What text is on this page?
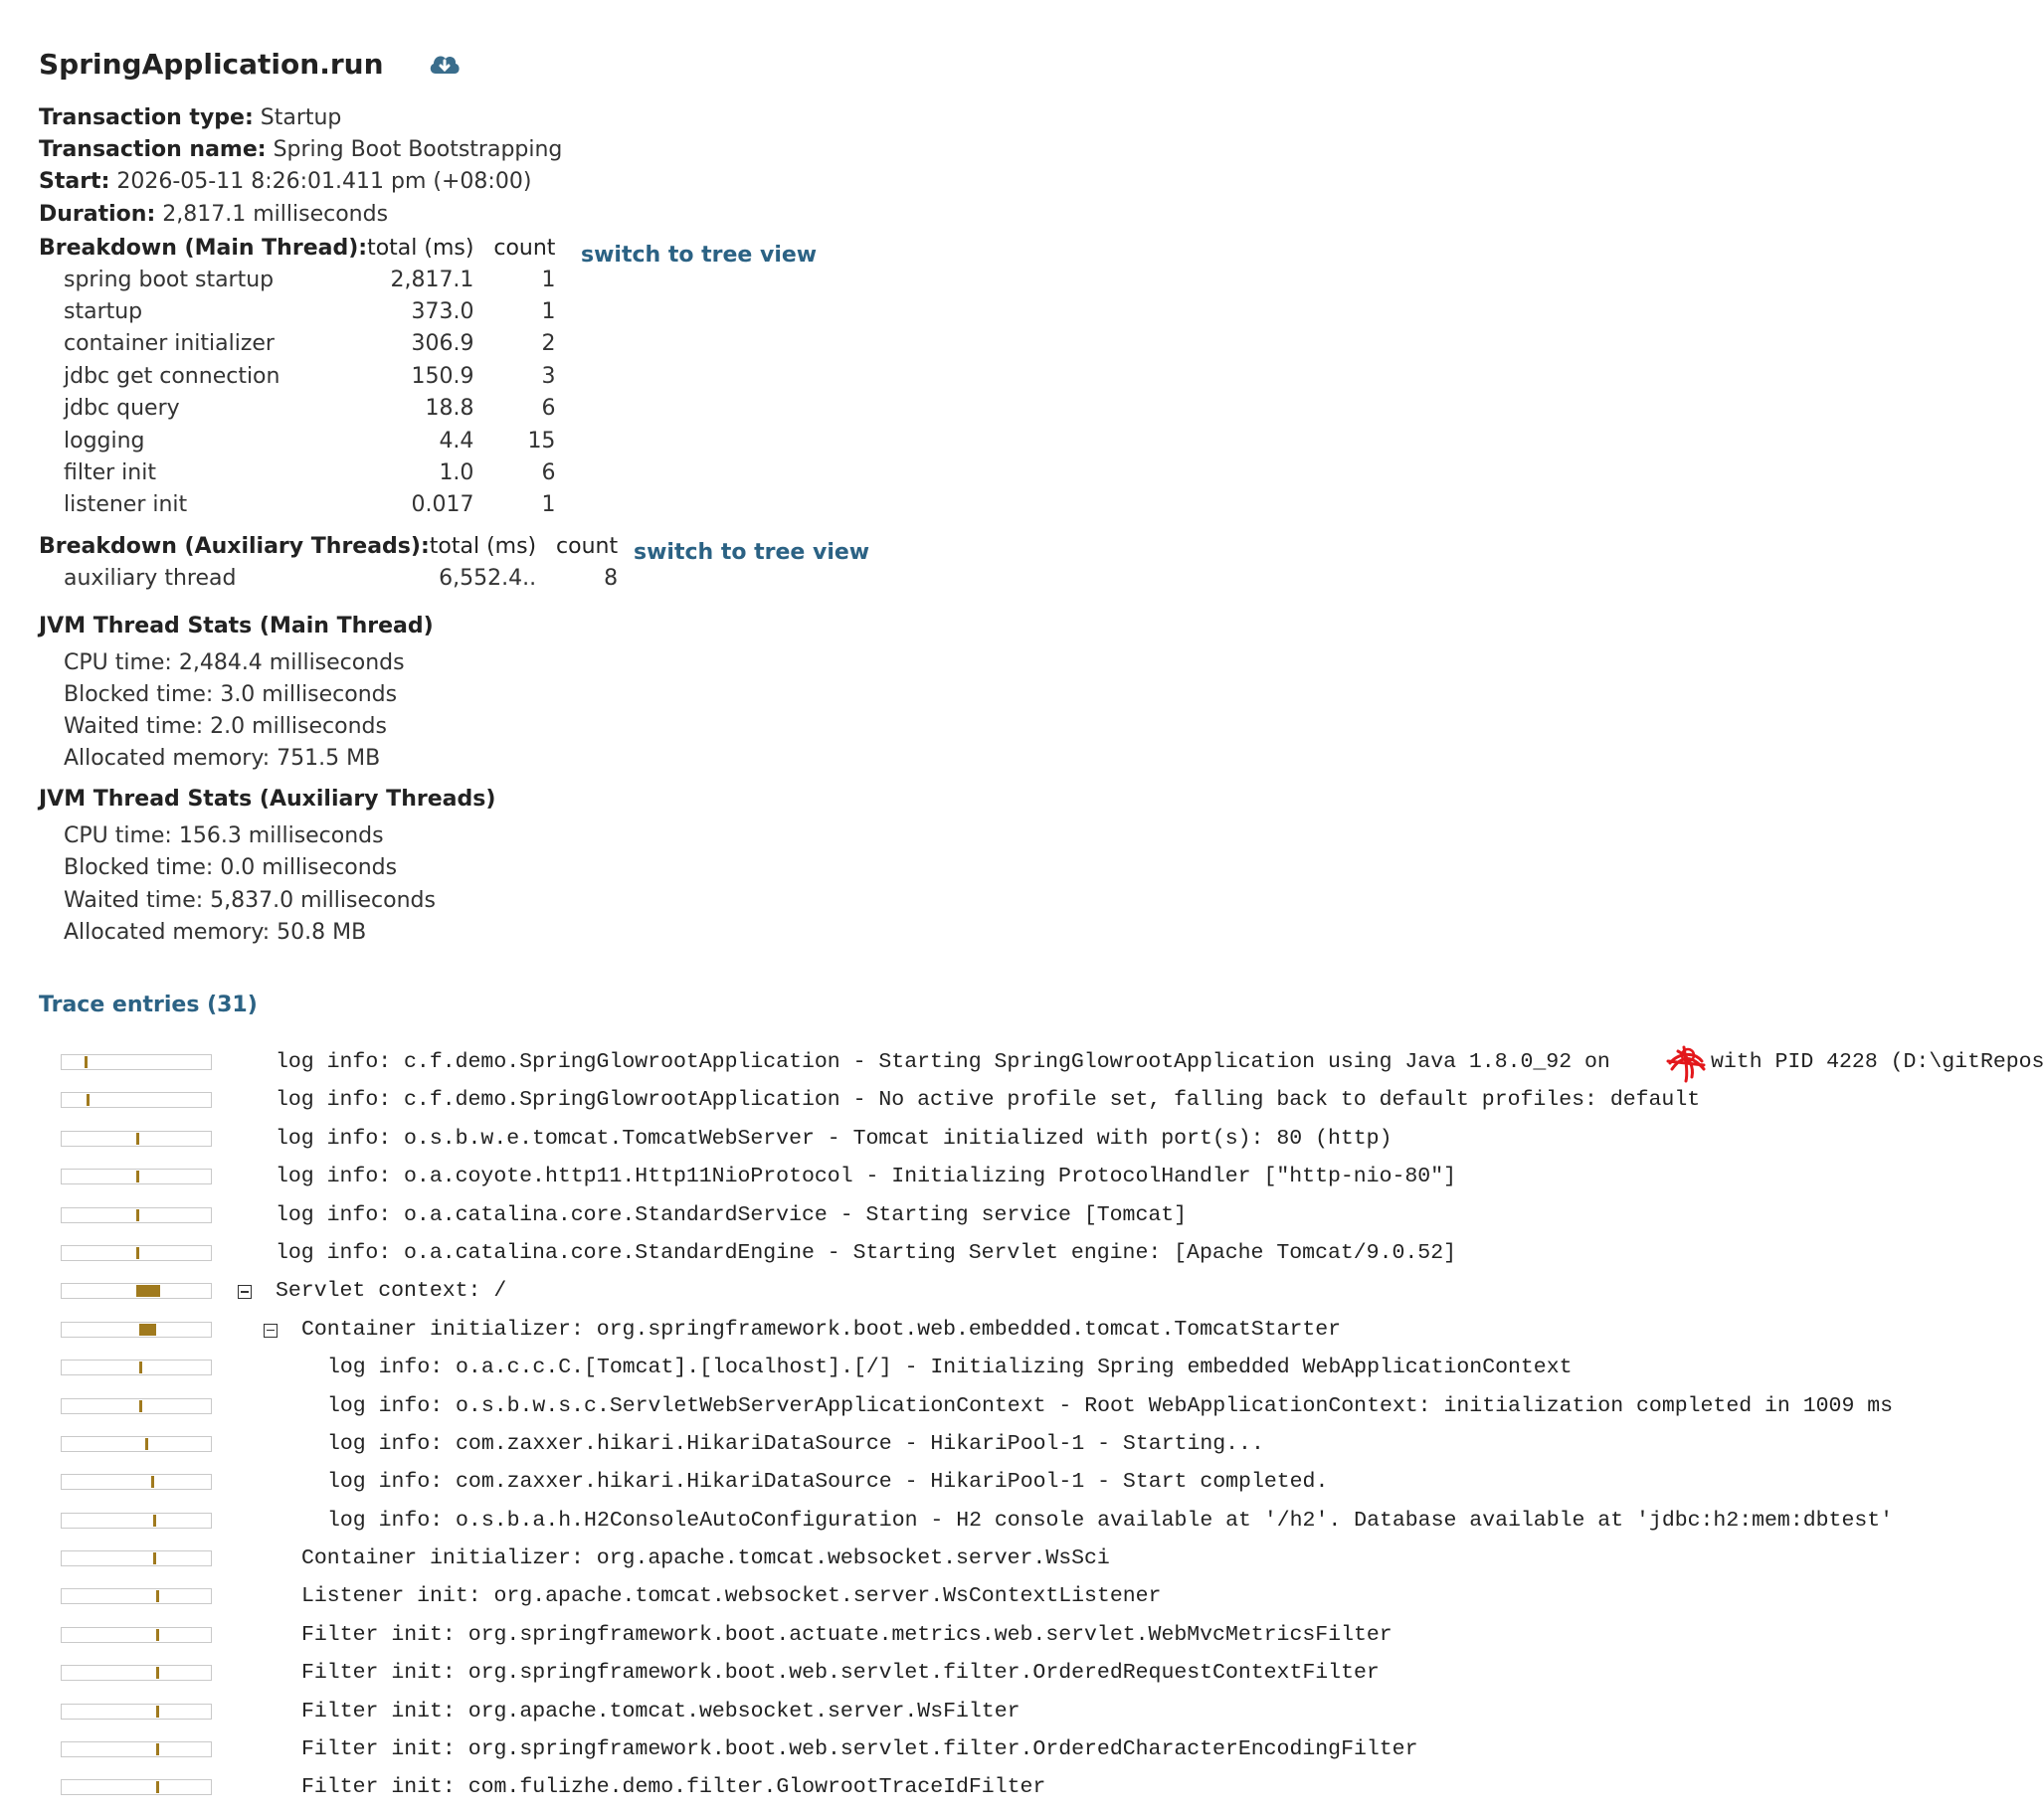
SpringApplication.run
Transaction type: Startup
Transaction name: Spring Boot Bootstrapping
Start: 2026-05-11 8:26:01.411 pm (+08:00)
Duration: 2,817.1 milliseconds
Breakdown (Main Thread):	total (ms)	count
spring boot startup	2,817.1	1
startup	373.0	1
container initializer	306.9	2
jdbc get connection	150.9	3
jdbc query	18.8	6
logging	4.4	15
filter init	1.0	6
listener init	0.017	1
switch to tree view
Breakdown (Auxiliary Threads):	total (ms)	count
auxiliary thread	6,552.4..	8
switch to tree view
JVM Thread Stats (Main Thread)
CPU time: 2,484.4 milliseconds
Blocked time: 3.0 milliseconds
Waited time: 2.0 milliseconds
Allocated memory: 751.5 MB
JVM Thread Stats (Auxiliary Threads)
CPU time: 156.3 milliseconds
Blocked time: 0.0 milliseconds
Waited time: 5,837.0 milliseconds
Allocated memory: 50.8 MB
Trace entries (31)
log info: c.f.demo.SpringGlowrootApplication - Starting SpringGlowrootApplication using Java 1.8.0_92 on	with PID 4228 (D:\gitRepos
log info: c.f.demo.SpringGlowrootApplication - No active profile set, falling back to default profiles: default
log info: o.s.b.w.e.tomcat.TomcatWebServer - Tomcat initialized with port(s): 80 (http)
log info: o.a.coyote.http11.Http11NioProtocol - Initializing ProtocolHandler ["http-nio-80"]
log info: o.a.catalina.core.StandardService - Starting service [Tomcat]
log info: o.a.catalina.core.StandardEngine - Starting Servlet engine: [Apache Tomcat/9.0.52]
Servlet context: /
Container initializer: org.springframework.boot.web.embedded.tomcat.TomcatStarter
log info: o.a.c.c.C.[Tomcat].[localhost].[/] - Initializing Spring embedded WebApplicationContext
log info: o.s.b.w.s.c.ServletWebServerApplicationContext - Root WebApplicationContext: initialization completed in 1009 ms
log info: com.zaxxer.hikari.HikariDataSource - HikariPool-1 - Starting...
log info: com.zaxxer.hikari.HikariDataSource - HikariPool-1 - Start completed.
log info: o.s.b.a.h.H2ConsoleAutoConfiguration - H2 console available at '/h2'. Database available at 'jdbc:h2:mem:dbtest'
Container initializer: org.apache.tomcat.websocket.server.WsSci
Listener init: org.apache.tomcat.websocket.server.WsContextListener
Filter init: org.springframework.boot.actuate.metrics.web.servlet.WebMvcMetricsFilter
Filter init: org.springframework.boot.web.servlet.filter.OrderedRequestContextFilter
Filter init: org.apache.tomcat.websocket.server.WsFilter
Filter init: org.springframework.boot.web.servlet.filter.OrderedCharacterEncodingFilter
Filter init: com.fulizhe.demo.filter.GlowrootTraceIdFilter
